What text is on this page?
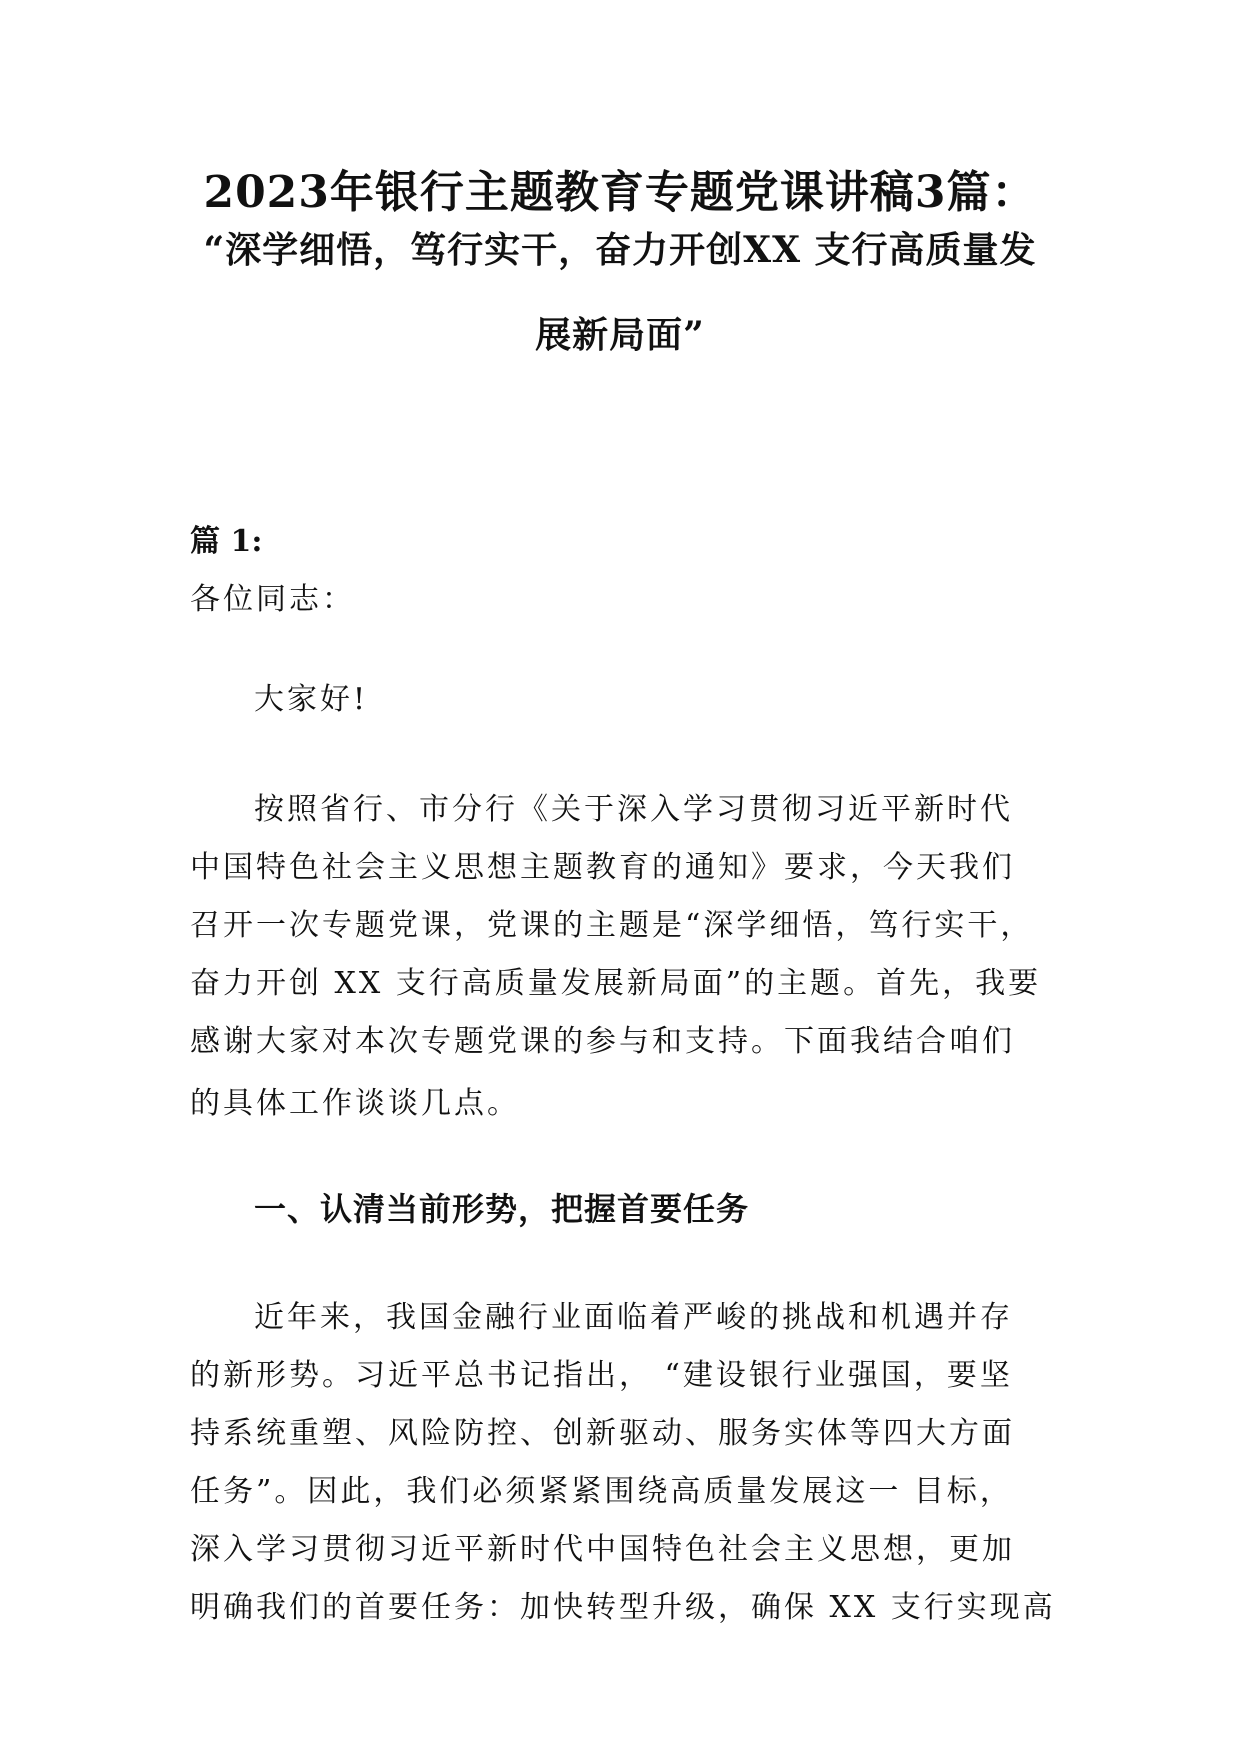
2023年银行主题教育专题党课讲稿3篇：
“深学细悟，笃行实干，奋力开创XX 支行高质量发
展新局面”
篇 1:
各位同志：
大家好!
按照省行、市分行《关于深入学习贯彻习近平新时代
中国特色社会主义思想主题教育的通知》要求，今天我们
召开一次专题党课，党课的主题是“深学细悟，笃行实干，
奋力开创 XX 支行高质量发展新局面”的主题。首先，我要
感谢大家对本次专题党课的参与和支持。下面我结合咱们
的具体工作谈谈几点。
一、认清当前形势，把握首要任务
近年来，我国金融行业面临着严峻的挑战和机遇并存
的新形势。习近平总书记指出， “建设银行业强国，要坚
持系统重塑、风险防控、创新驱动、服务实体等四大方面
任务”。因此，我们必须紧紧围绕高质量发展这一 目标，
深入学习贯彻习近平新时代中国特色社会主义思想，更加
明确我们的首要任务：加快转型升级，确保 XX 支行实现高
